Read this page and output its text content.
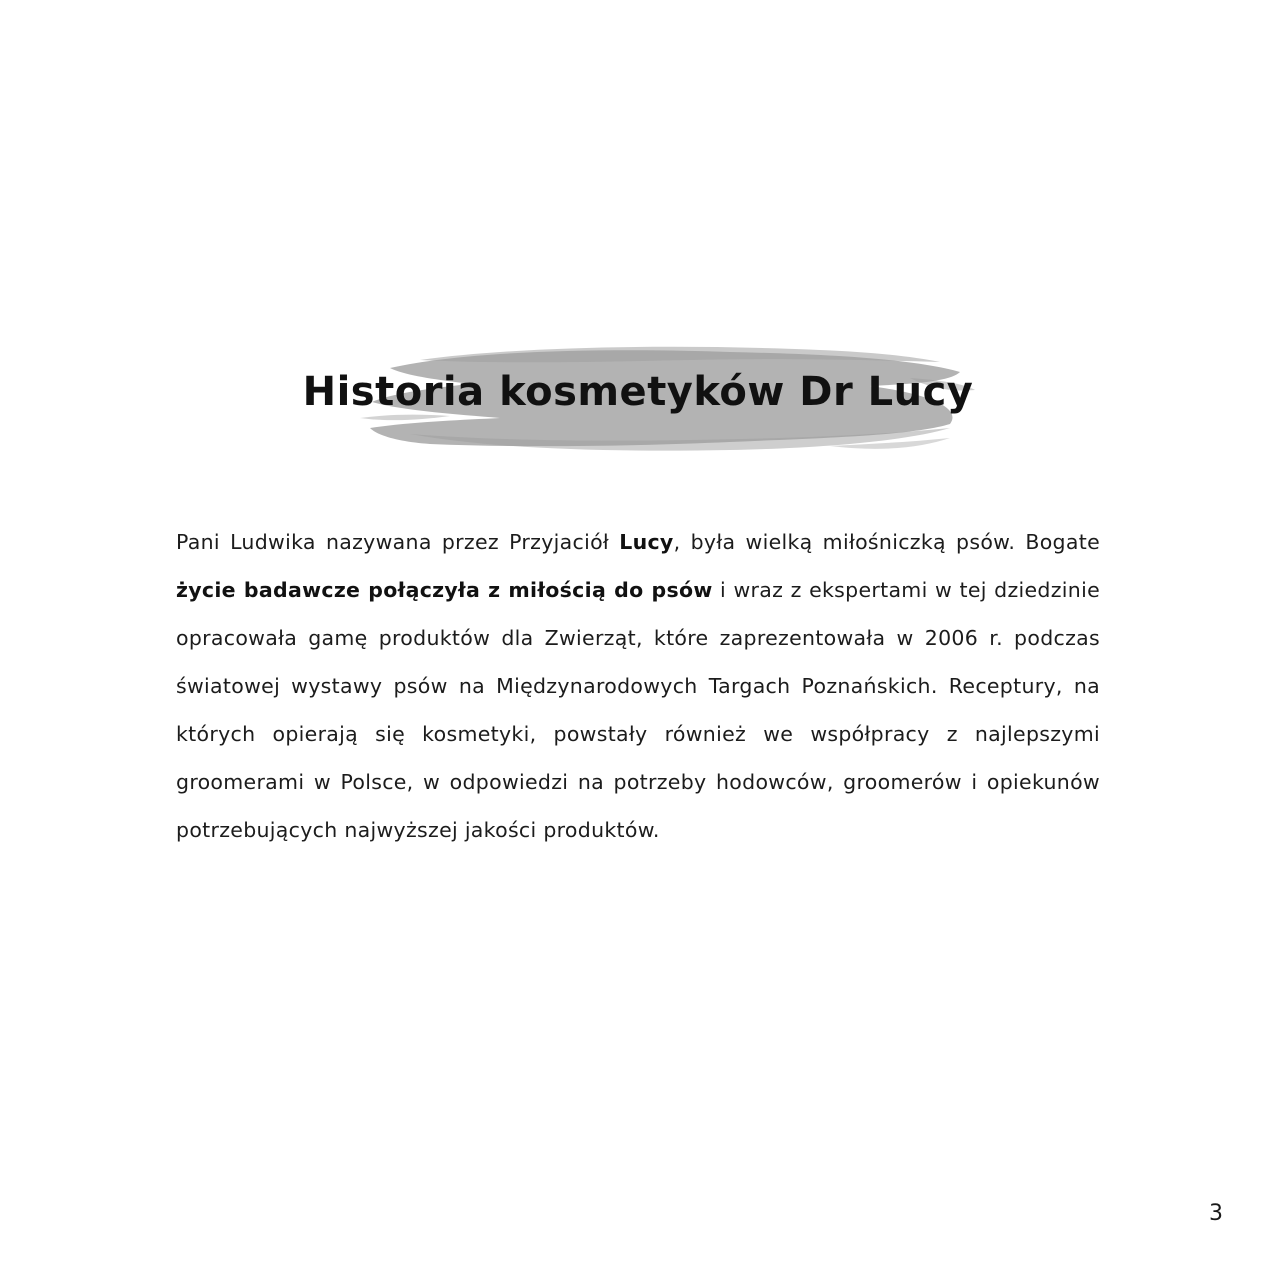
Historia kosmetyków Dr Lucy
Pani Ludwika nazywana przez Przyjaciół Lucy, była wielką miłośniczką psów. Bogate życie badawcze połączyła z miłością do psów i wraz z ekspertami w tej dziedzinie opracowała gamę produktów dla Zwierząt, które zaprezentowała w 2006 r. podczas światowej wystawy psów na Międzynarodowych Targach Poznańskich. Receptury, na których opierają się kosmetyki, powstały również we współpracy z najlepszymi groomerami w Polsce, w odpowiedzi na potrzeby hodowców, groomerów i opiekunów potrzebujących najwyższej jakości produktów.
3
